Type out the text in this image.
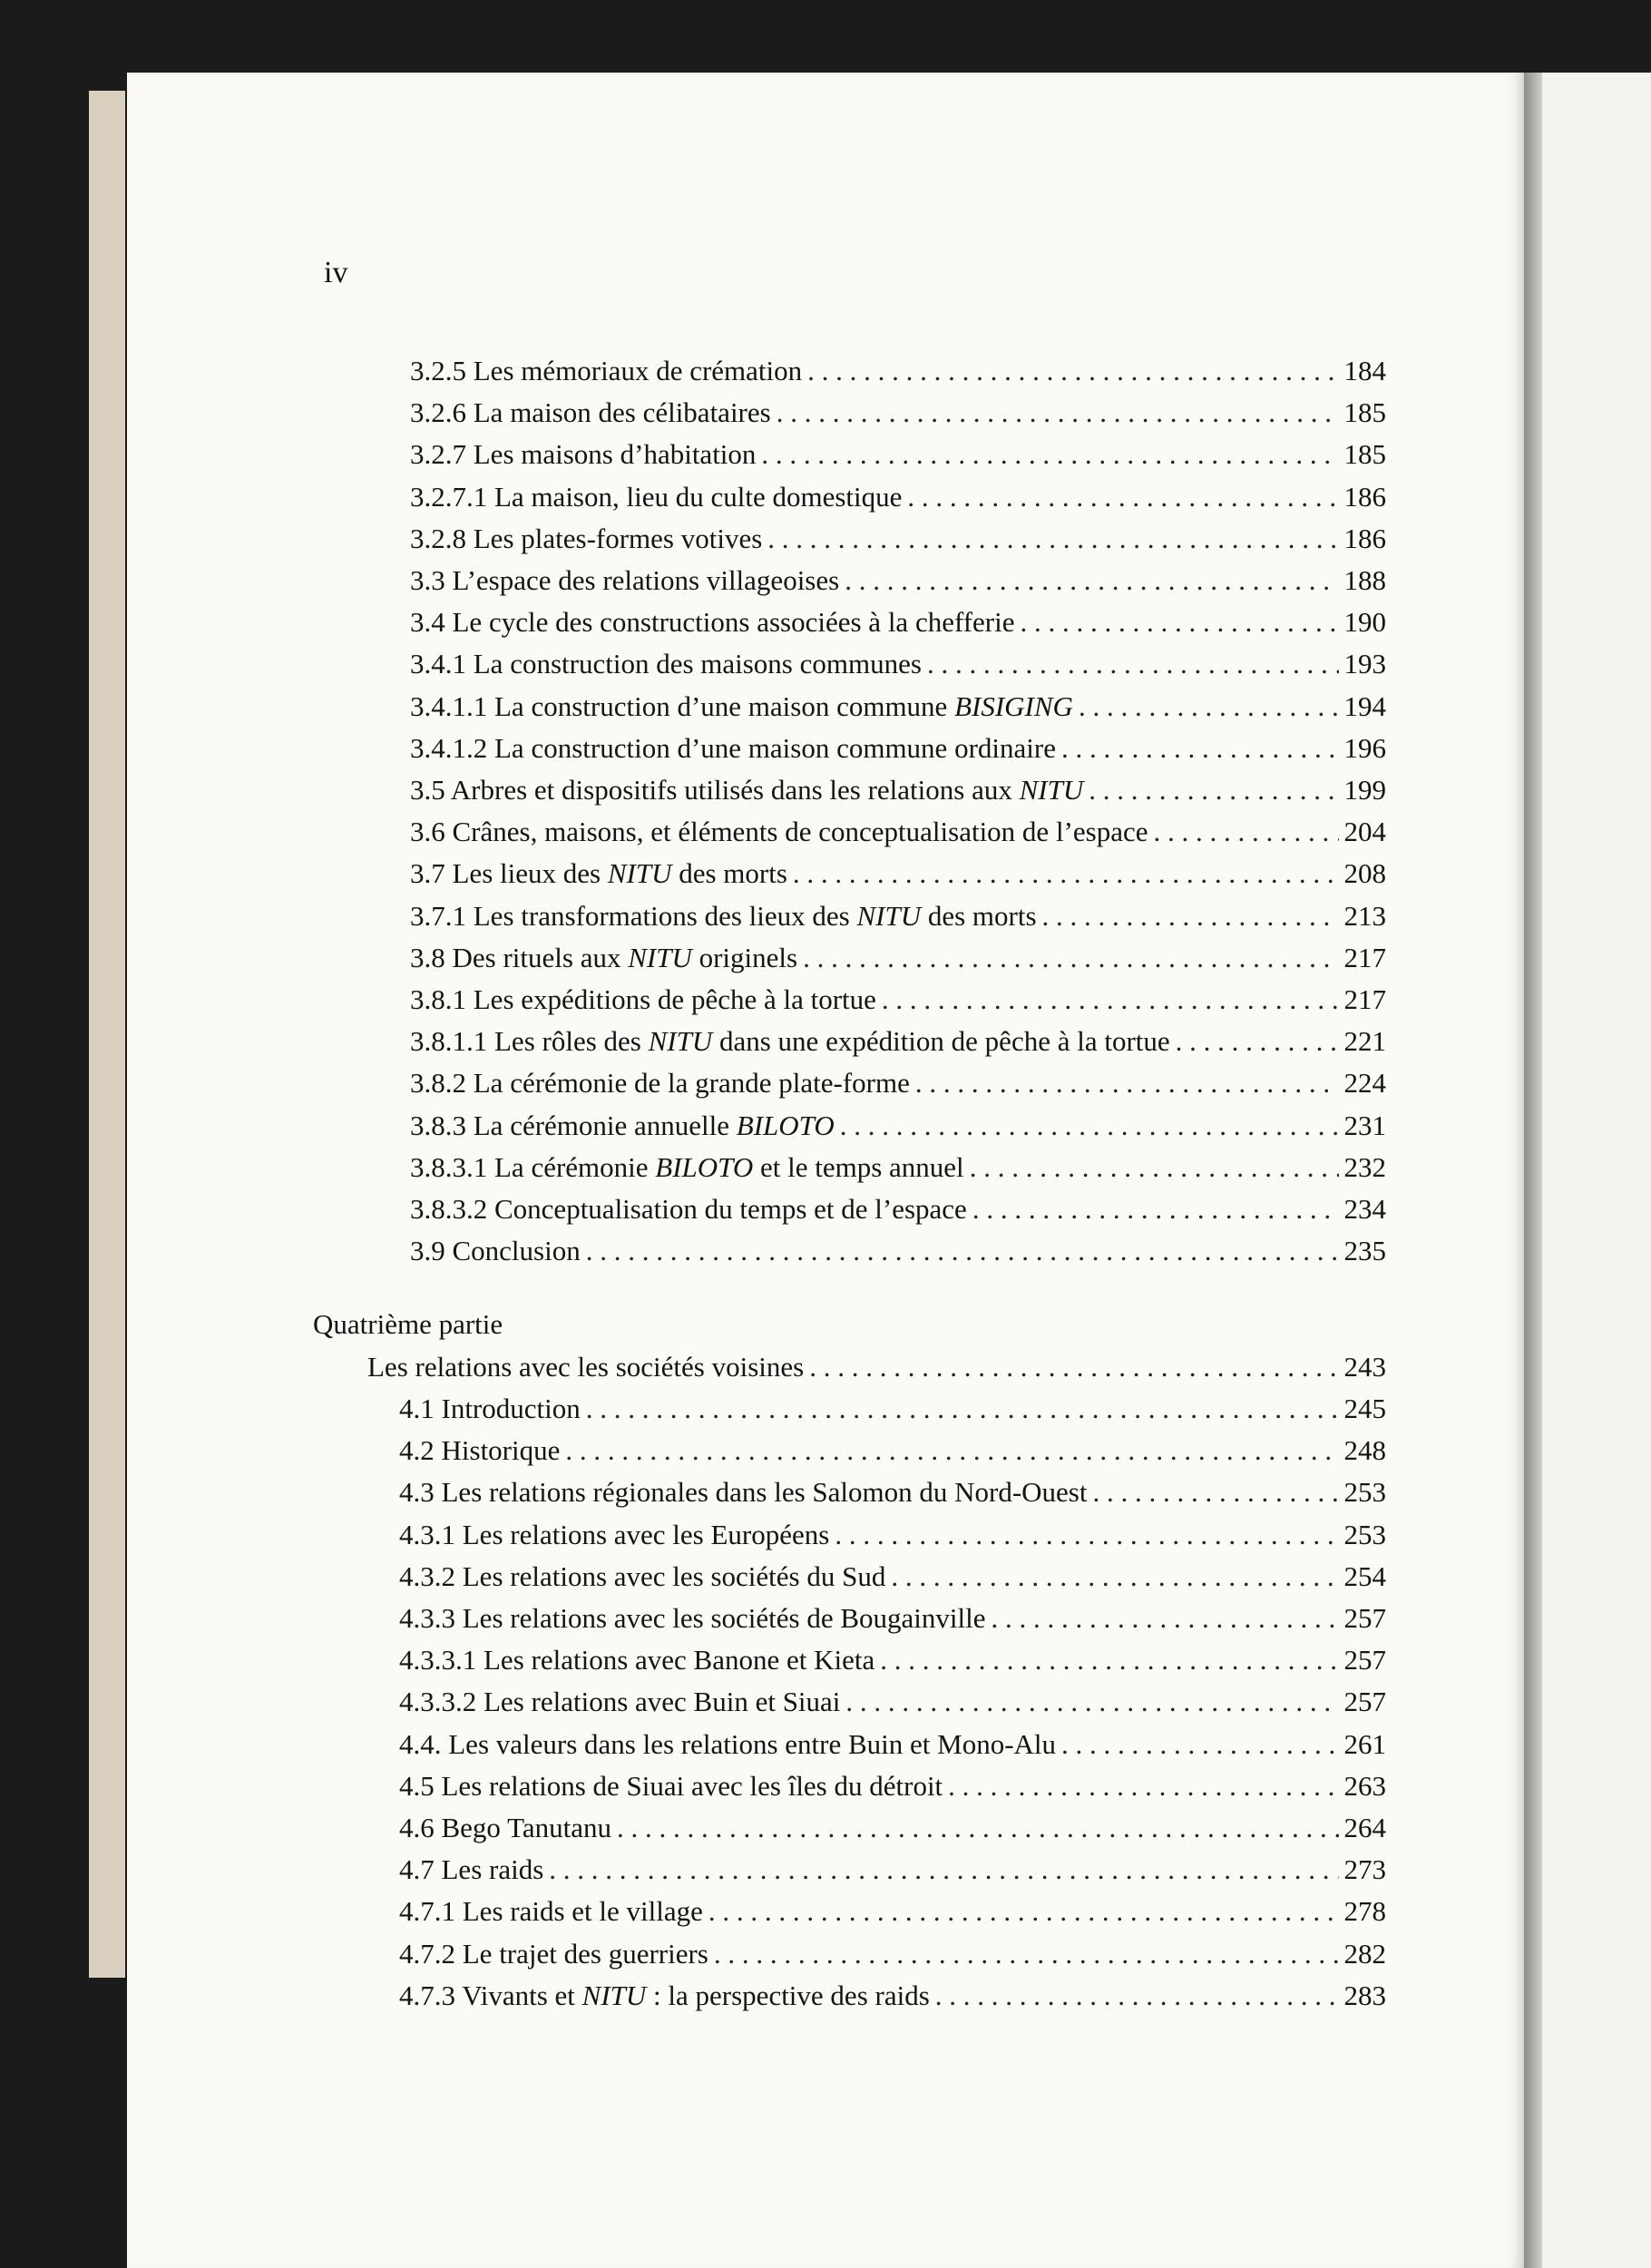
iv

3.2.5 Les mémoriaux de crémation . . .	184
3.2.6 La maison des célibataires . . .	185
3.2.7 Les maisons d’habitation . . .	185
3.2.7.1 La maison, lieu du culte domestique . . .	186
3.2.8 Les plates-formes votives . . .	186
3.3 L’espace des relations villageoises . . .	188
3.4 Le cycle des constructions associées à la chefferie . . .	190
3.4.1 La construction des maisons communes . . .	193
3.4.1.1 La construction d’une maison commune BISIGING . . .	194
3.4.1.2 La construction d’une maison commune ordinaire . . .	196
3.5 Arbres et dispositifs utilisés dans les relations aux NITU . . .	199
3.6 Crânes, maisons, et éléments de conceptualisation de l’espace . . .	204
3.7 Les lieux des NITU des morts . . .	208
3.7.1 Les transformations des lieux des NITU des morts . . .	213
3.8 Des rituels aux NITU originels . . .	217
3.8.1 Les expéditions de pêche à la tortue . . .	217
3.8.1.1 Les rôles des NITU dans une expédition de pêche à la tortue . . .	221
3.8.2 La cérémonie de la grande plate-forme . . .	224
3.8.3 La cérémonie annuelle BILOTO . . .	231
3.8.3.1 La cérémonie BILOTO et le temps annuel . . .	232
3.8.3.2 Conceptualisation du temps et de l’espace . . .	234
3.9 Conclusion . . .	235

Quatrième partie

Les relations avec les sociétés voisines . . .	243
4.1 Introduction . . .	245
4.2 Historique . . .	248
4.3 Les relations régionales dans les Salomon du Nord-Ouest . . .	253
4.3.1 Les relations avec les Européens . . .	253
4.3.2 Les relations avec les sociétés du Sud . . .	254
4.3.3 Les relations avec les sociétés de Bougainville . . .	257
4.3.3.1 Les relations avec Banone et Kieta . . .	257
4.3.3.2 Les relations avec Buin et Siuai . . .	257
4.4. Les valeurs dans les relations entre Buin et Mono-Alu . . .	261
4.5 Les relations de Siuai avec les îles du détroit . . .	263
4.6 Bego Tanutanu . . .	264
4.7 Les raids . . .	273
4.7.1 Les raids et le village . . .	278
4.7.2 Le trajet des guerriers . . .	282
4.7.3 Vivants et NITU : la perspective des raids . . .	283
